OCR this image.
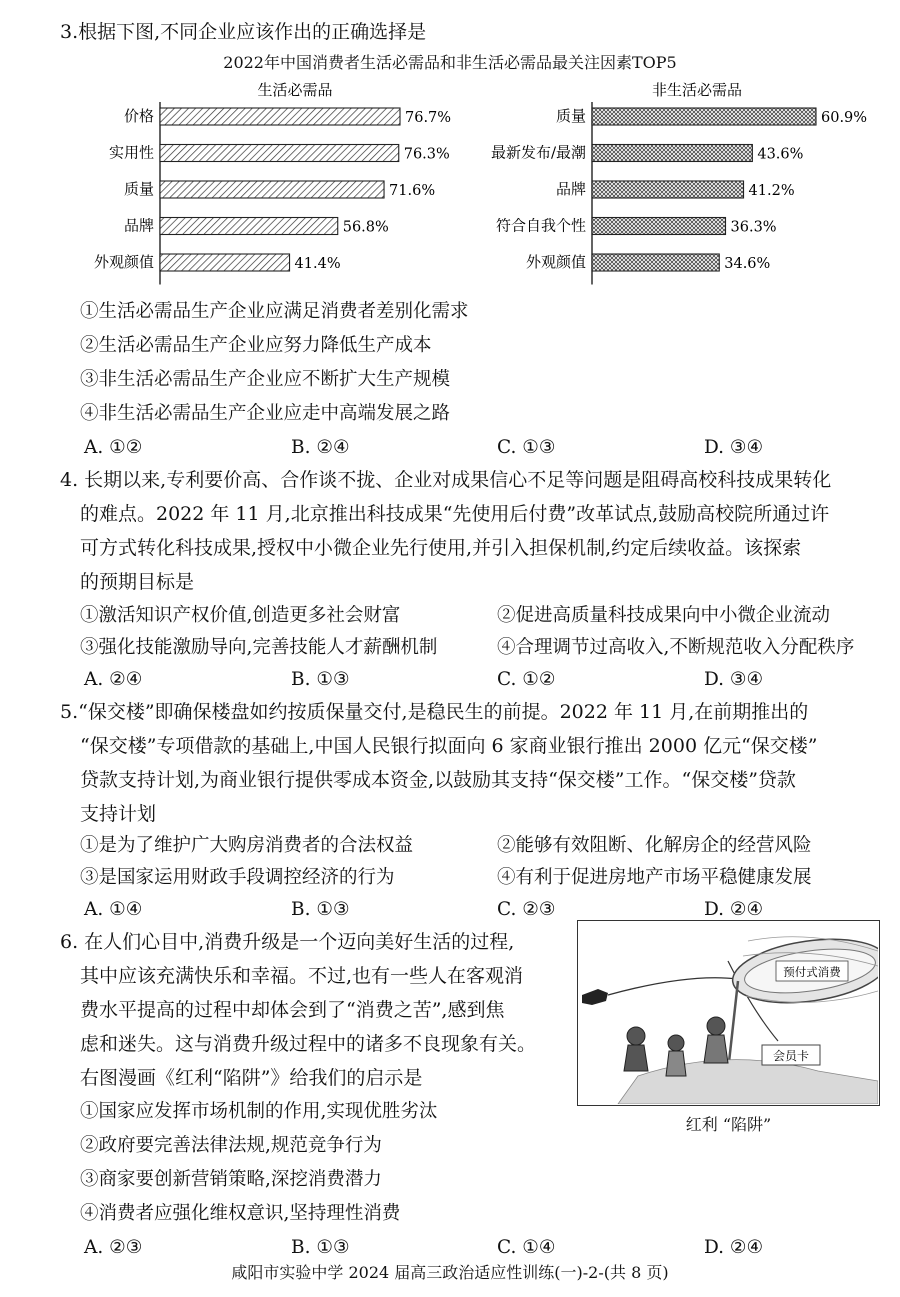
3.根据下图,不同企业应该作出的正确选择是
2022年中国消费者生活必需品和非生活必需品最关注因素TOP5
生活必需品
价格	76.7%
实用性	76.3%
质量	71.6%
品牌	56.8%
外观颜值	41.4%
非生活必需品
质量	60.9%
最新发布/最潮	43.6%
品牌	41.2%
符合自我个性	36.3%
外观颜值	34.6%
①生活必需品生产企业应满足消费者差别化需求
②生活必需品生产企业应努力降低生产成本
③非生活必需品生产企业应不断扩大生产规模
④非生活必需品生产企业应走中高端发展之路
A. ①②	B. ②④	C. ①③	D. ③④
4. 长期以来,专利要价高、合作谈不拢、企业对成果信心不足等问题是阻碍高校科技成果转化
的难点。2022 年 11 月,北京推出科技成果“先使用后付费”改革试点,鼓励高校院所通过许
可方式转化科技成果,授权中小微企业先行使用,并引入担保机制,约定后续收益。该探索
的预期目标是
①激活知识产权价值,创造更多社会财富	②促进高质量科技成果向中小微企业流动
③强化技能激励导向,完善技能人才薪酬机制	④合理调节过高收入,不断规范收入分配秩序
A. ②④	B. ①③	C. ①②	D. ③④
5.“保交楼”即确保楼盘如约按质保量交付,是稳民生的前提。2022 年 11 月,在前期推出的
“保交楼”专项借款的基础上,中国人民银行拟面向 6 家商业银行推出 2000 亿元“保交楼”
贷款支持计划,为商业银行提供零成本资金,以鼓励其支持“保交楼”工作。“保交楼”贷款
支持计划
①是为了维护广大购房消费者的合法权益	②能够有效阻断、化解房企的经营风险
③是国家运用财政手段调控经济的行为	④有利于促进房地产市场平稳健康发展
A. ①④	B. ①③	C. ②③	D. ②④
6. 在人们心目中,消费升级是一个迈向美好生活的过程,
其中应该充满快乐和幸福。不过,也有一些人在客观消
费水平提高的过程中却体会到了“消费之苦”,感到焦
虑和迷失。这与消费升级过程中的诸多不良现象有关。
右图漫画《红利“陷阱”》给我们的启示是
①国家应发挥市场机制的作用,实现优胜劣汰
②政府要完善法律法规,规范竞争行为
③商家要创新营销策略,深挖消费潜力
④消费者应强化维权意识,坚持理性消费
A. ②③	B. ①③	C. ①④	D. ②④
预付式消费
会员卡
红利 “陷阱”
咸阳市实验中学 2024 届高三政治适应性训练(一)-2-(共 8 页)
